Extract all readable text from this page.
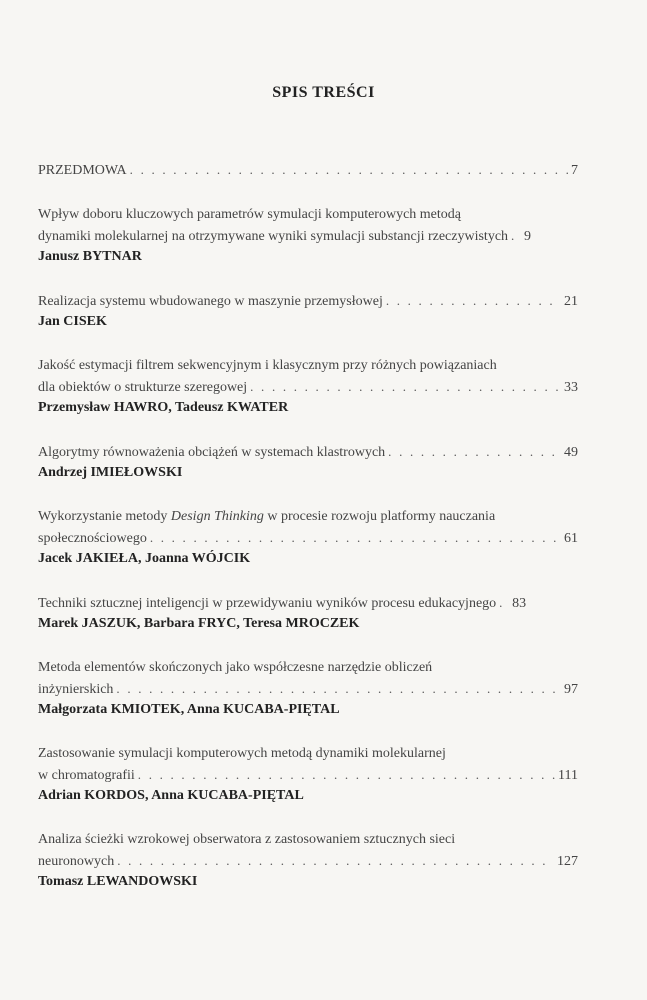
SPIS TREŚCI
PRZEDMOWA . . .	7
Wpływ doboru kluczowych parametrów symulacji komputerowych metodą
dynamiki molekularnej na otrzymywane wyniki symulacji substancji rzeczywistych . . . 9
Janusz BYTNAR
Realizacja systemu wbudowanego w maszynie przemysłowej . . .	21
Jan CISEK
Jakość estymacji filtrem sekwencyjnym i klasycznym przy różnych powiązaniach
dla obiektów o strukturze szeregowej . . .	33
Przemysław HAWRO, Tadeusz KWATER
Algorytmy równoważenia obciążeń w systemach klastrowych . . .	49
Andrzej IMIEŁOWSKI
Wykorzystanie metody Design Thinking w procesie rozwoju platformy nauczania
społecznościowego . . .	61
Jacek JAKIEŁA, Joanna WÓJCIK
Techniki sztucznej inteligencji w przewidywaniu wyników procesu edukacyjnego . . . 83
Marek JASZUK, Barbara FRYC, Teresa MROCZEK
Metoda elementów skończonych jako współczesne narzędzie obliczeń
inżynierskich . . .	97
Małgorzata KMIOTEK, Anna KUCABA-PIĘTAL
Zastosowanie symulacji komputerowych metodą dynamiki molekularnej
w chromatografii . . .	111
Adrian KORDOS, Anna KUCABA-PIĘTAL
Analiza ścieżki wzrokowej obserwatora z zastosowaniem sztucznych sieci
neuronowych . . .	127
Tomasz LEWANDOWSKI
